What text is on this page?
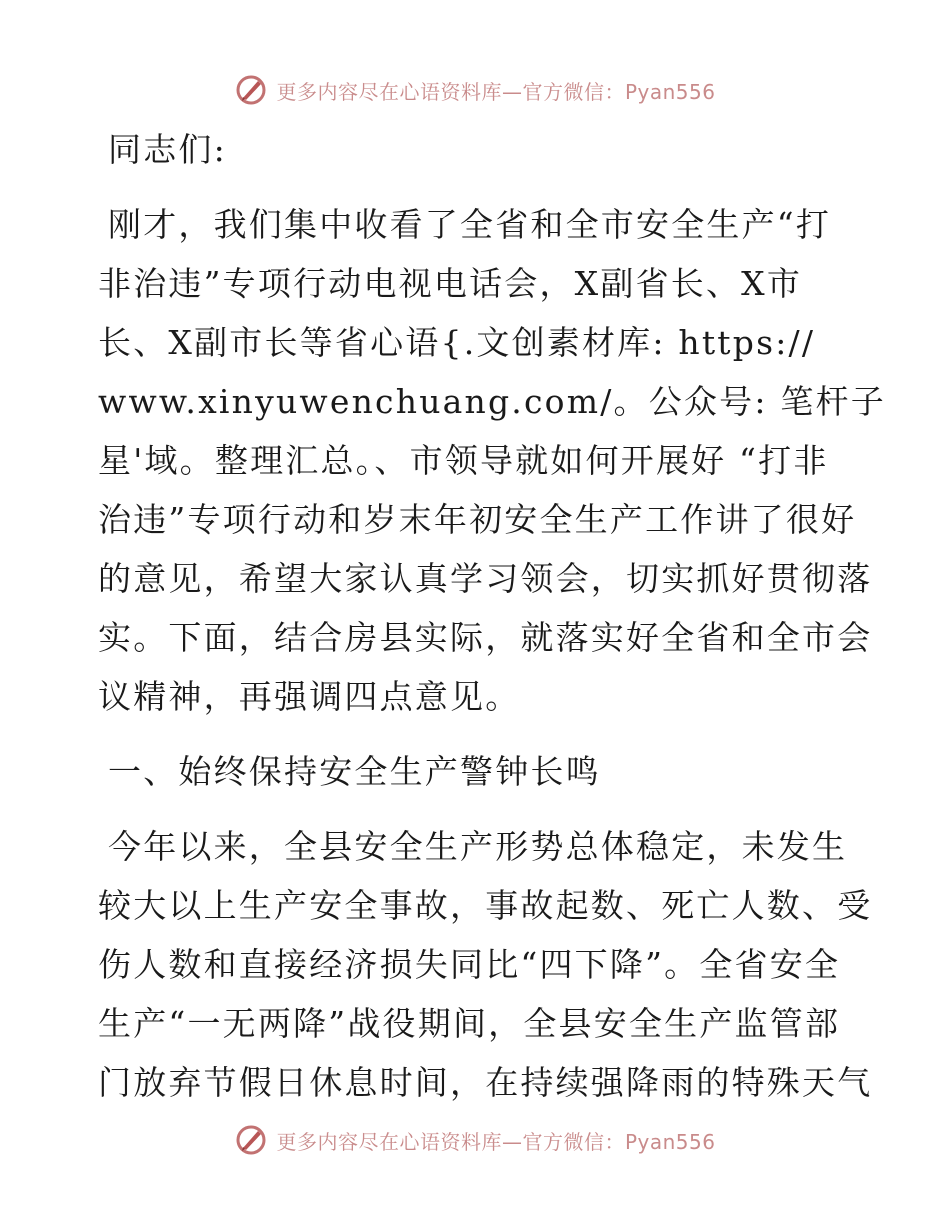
更多内容尽在心语资料库—官方微信：Pyan556
同志们:
刚才，我们集中收看了全省和全市安全生产“打
非治违”专项行动电视电话会，X副省长、X市
长、X副市长等省心语{.文创素材库: https://
www.xinyuwenchuang.com/。公众号: 笔杆子
星'域。整理汇总。、市领导就如何开展好 “打非
治违”专项行动和岁末年初安全生产工作讲了很好
的意见，希望大家认真学习领会，切实抓好贯彻落
实。下面，结合房县实际，就落实好全省和全市会
议精神，再强调四点意见。
一、始终保持安全生产警钟长鸣
今年以来，全县安全生产形势总体稳定，未发生
较大以上生产安全事故，事故起数、死亡人数、受
伤人数和直接经济损失同比“四下降”。全省安全
生产“一无两降”战役期间，全县安全生产监管部
门放弃节假日休息时间，在持续强降雨的特殊天气
更多内容尽在心语资料库—官方微信：Pyan556
